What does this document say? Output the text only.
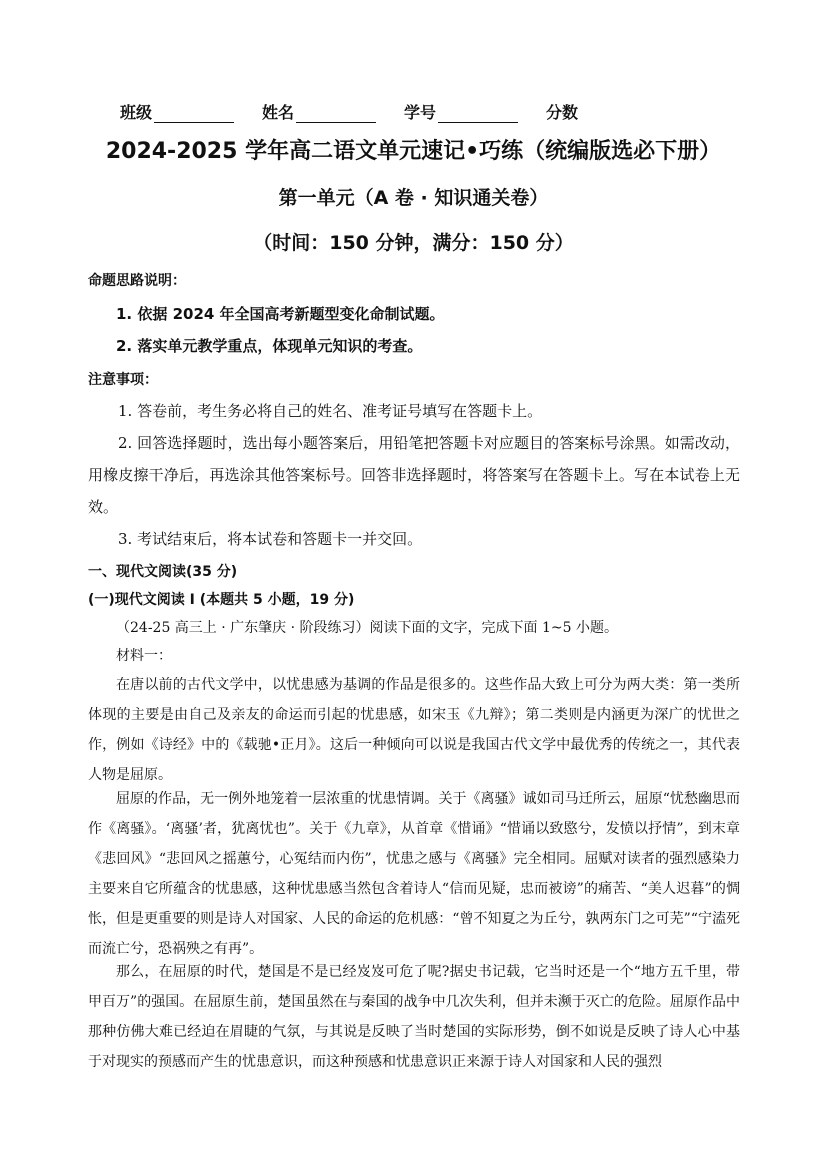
班级	姓名	学号	分数
2024-2025 学年高二语文单元速记•巧练（统编版选必下册）
第一单元（A 卷 · 知识通关卷）
（时间：150 分钟，满分：150 分）
命题思路说明：
1. 依据 2024 年全国高考新题型变化命制试题。
2. 落实单元教学重点，体现单元知识的考查。
注意事项：

1. 答卷前，考生务必将自己的姓名、准考证号填写在答题卡上。

2. 回答选择题时，选出每小题答案后，用铅笔把答题卡对应题目的答案标号涂黑。如需改动，用橡皮擦干净后，再选涂其他答案标号。回答非选择题时，将答案写在答题卡上。写在本试卷上无效。

3. 考试结束后，将本试卷和答题卡一并交回。

一、现代文阅读(35 分)
(一)现代文阅读 I (本题共 5 小题，19 分)
（24-25 高三上 · 广东肇庆 · 阶段练习）阅读下面的文字，完成下面 1~5 小题。
材料一：

在唐以前的古代文学中，以忧患感为基调的作品是很多的。这些作品大致上可分为两大类：第一类所体现的主要是由自己及亲友的命运而引起的忧患感，如宋玉《九辩》；第二类则是内涵更为深广的忧世之作，例如《诗经》中的《载驰•正月》。这后一种倾向可以说是我国古代文学中最优秀的传统之一，其代表人物是屈原。

屈原的作品，无一例外地笼着一层浓重的忧患情调。关于《离骚》诚如司马迁所云，屈原“忧愁幽思而作《离骚》。‘离骚’者，犹离忧也”。关于《九章》，从首章《惜诵》“惜诵以致愍兮，发愤以抒情”，到末章《悲回风》“悲回风之摇蕙兮，心冤结而内伤”，忧患之感与《离骚》完全相同。屈赋对读者的强烈感染力主要来自它所蕴含的忧患感，这种忧患感当然包含着诗人“信而见疑，忠而被谤”的痛苦、“美人迟暮”的惆怅，但是更重要的则是诗人对国家、人民的命运的危机感：“曾不知夏之为丘兮，孰两东门之可芜”“宁溘死而流亡兮，恐祸殃之有再”。

那么，在屈原的时代，楚国是不是已经岌岌可危了呢?据史书记载，它当时还是一个“地方五千里，带甲百万”的强国。在屈原生前，楚国虽然在与秦国的战争中几次失利，但并未濒于灭亡的危险。屈原作品中那种仿佛大难已经迫在眉睫的气氛，与其说是反映了当时楚国的实际形势，倒不如说是反映了诗人心中基于对现实的预感而产生的忧患意识，而这种预感和忧患意识正来源于诗人对国家和人民的强烈
